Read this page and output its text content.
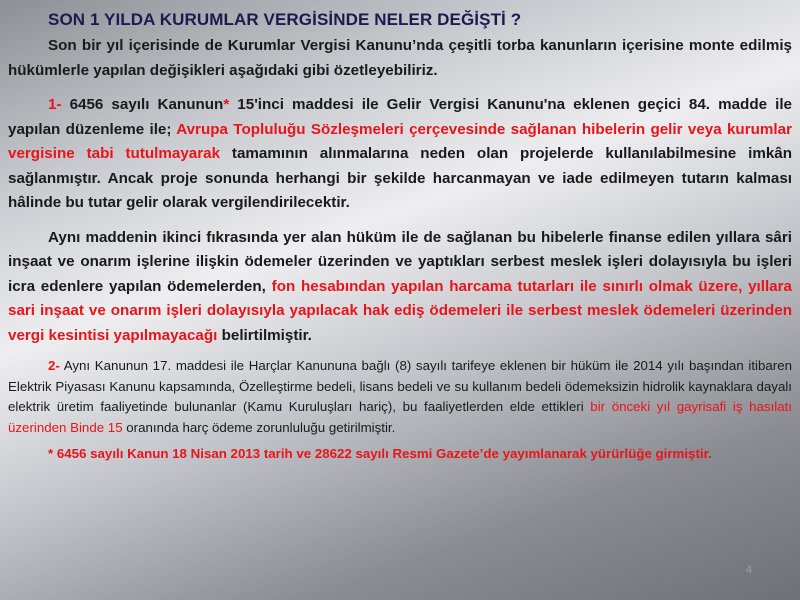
SON 1 YILDA KURUMLAR VERGİSİNDE NELER DEĞİŞTİ ?

Son bir yıl içerisinde de Kurumlar Vergisi Kanunu’nda çeşitli torba kanunların içerisine monte edilmiş hükümlerle yapılan değişikleri aşağıdaki gibi özetleyebiliriz.

1- 6456 sayılı Kanunun* 15'inci maddesi ile Gelir Vergisi Kanunu'na eklenen geçici 84. madde ile yapılan düzenleme ile; Avrupa Topluluğu Sözleşmeleri çerçevesinde sağlanan hibelerin gelir veya kurumlar vergisine tabi tutulmayarak tamamının alınmalarına neden olan projelerde kullanılabilmesine imkân sağlanmıştır. Ancak proje sonunda herhangi bir şekilde harcanmayan ve iade edilmeyen tutarın kalması hâlinde bu tutar gelir olarak vergilendirilecektir.

Aynı maddenin ikinci fıkrasında yer alan hüküm ile de sağlanan bu hibelerle finanse edilen yıllara sâri inşaat ve onarım işlerine ilişkin ödemeler üzerinden ve yaptıkları serbest meslek işleri dolayısıyla bu işleri icra edenlere yapılan ödemelerden, fon hesabından yapılan harcama tutarları ile sınırlı olmak üzere, yıllara sari inşaat ve onarım işleri dolayısıyla yapılacak hak ediş ödemeleri ile serbest meslek ödemeleri üzerinden vergi kesintisi yapılmayacağı belirtilmiştir.

2- Aynı Kanunun 17. maddesi ile Harçlar Kanununa bağlı (8) sayılı tarifeye eklenen bir hüküm ile 2014 yılı başından itibaren Elektrik Piyasası Kanunu kapsamında, Özelleştirme bedeli, lisans bedeli ve su kullanım bedeli ödemeksizin hidrolik kaynaklara dayalı elektrik üretim faaliyetinde bulunanlar (Kamu Kuruluşları hariç), bu faaliyetlerden elde ettikleri bir önceki yıl gayrisafi iş hasılatı üzerinden Binde 15 oranında harç ödeme zorunluluğu getirilmiştir.

* 6456 sayılı Kanun 18 Nisan 2013 tarih ve 28622 sayılı Resmi Gazete’de yayımlanarak yürürlüğe girmiştir.

4
